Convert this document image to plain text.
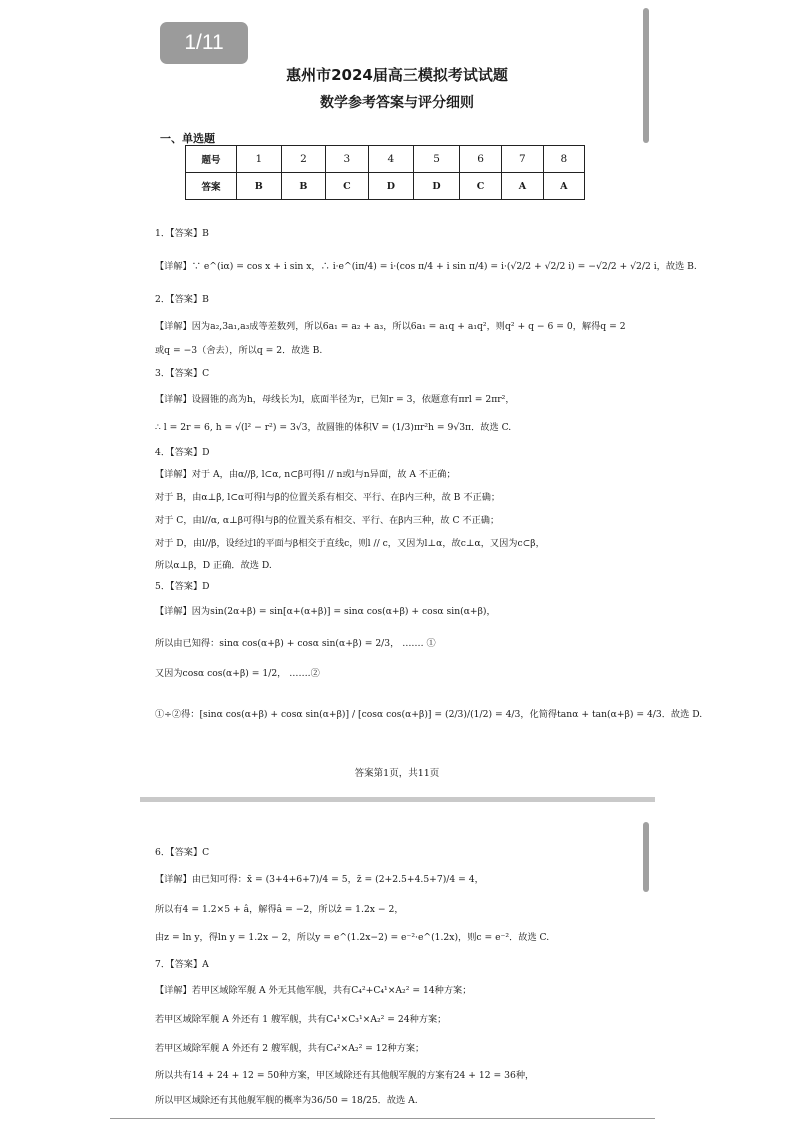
1/11
惠州市2024届高三模拟考试试题
数学参考答案与评分细则
一、单选题
题号	1	2	3	4	5	6	7	8
答案	B	B	C	D	D	C	A	A
1．【答案】B
【详解】∵ e^(iα) = cos x + i sin x，∴ i·e^(iπ/4) = i·(cos π/4 + i sin π/4) = i·(√2/2 + √2/2 i) = −√2/2 + √2/2 i，故选 B.
2．【答案】B
【详解】因为a₂,3a₁,a₃成等差数列，所以6a₁ = a₂ + a₃，所以6a₁ = a₁q + a₁q²，则q² + q − 6 = 0，解得q = 2
或q = −3（舍去），所以q = 2．故选 B.
3．【答案】C
【详解】设圆锥的高为h，母线长为l，底面半径为r，已知r = 3，依题意有πrl = 2πr²，
∴ l = 2r = 6, h = √(l² − r²) = 3√3，故圆锥的体积V = (1/3)πr²h = 9√3π．故选 C.
4．【答案】D
【详解】对于 A，由α//β, l⊂α, n⊂β可得l // n或l与n异面，故 A 不正确；
对于 B，由α⊥β, l⊂α可得l与β的位置关系有相交、平行、在β内三种，故 B 不正确；
对于 C，由l//α, α⊥β可得l与β的位置关系有相交、平行、在β内三种，故 C 不正确；
对于 D，由l//β，设经过l的平面与β相交于直线c，则l // c，又因为l⊥α，故c⊥α，又因为c⊂β，
所以α⊥β，D 正确．故选 D.
5．【答案】D
【详解】因为sin(2α+β) = sin[α+(α+β)] = sinα cos(α+β) + cosα sin(α+β)，
所以由已知得：sinα cos(α+β) + cosα sin(α+β) = 2/3， ……. ①
又因为cosα cos(α+β) = 1/2， …….②
①÷②得：[sinα cos(α+β) + cosα sin(α+β)] / [cosα cos(α+β)] = (2/3)/(1/2) = 4/3，化简得tanα + tan(α+β) = 4/3．故选 D.
答案第1页，共11页
6．【答案】C
【详解】由已知可得：x̄ = (3+4+6+7)/4 = 5，z̄ = (2+2.5+4.5+7)/4 = 4，
所以有4 = 1.2×5 + â，解得â = −2，所以ẑ = 1.2x − 2，
由z = ln y，得ln y = 1.2x − 2，所以y = e^(1.2x−2) = e⁻²·e^(1.2x)，则c = e⁻²．故选 C.
7．【答案】A
【详解】若甲区域除军舰 A 外无其他军舰，共有C₄²+C₄¹×A₂² = 14种方案；
若甲区域除军舰 A 外还有 1 艘军舰，共有C₄¹×C₃¹×A₂² = 24种方案；
若甲区域除军舰 A 外还有 2 艘军舰，共有C₄²×A₂² = 12种方案；
所以共有14 + 24 + 12 = 50种方案，甲区域除还有其他舰军舰的方案有24 + 12 = 36种，
所以甲区域除还有其他舰军舰的概率为36/50 = 18/25．故选 A.
